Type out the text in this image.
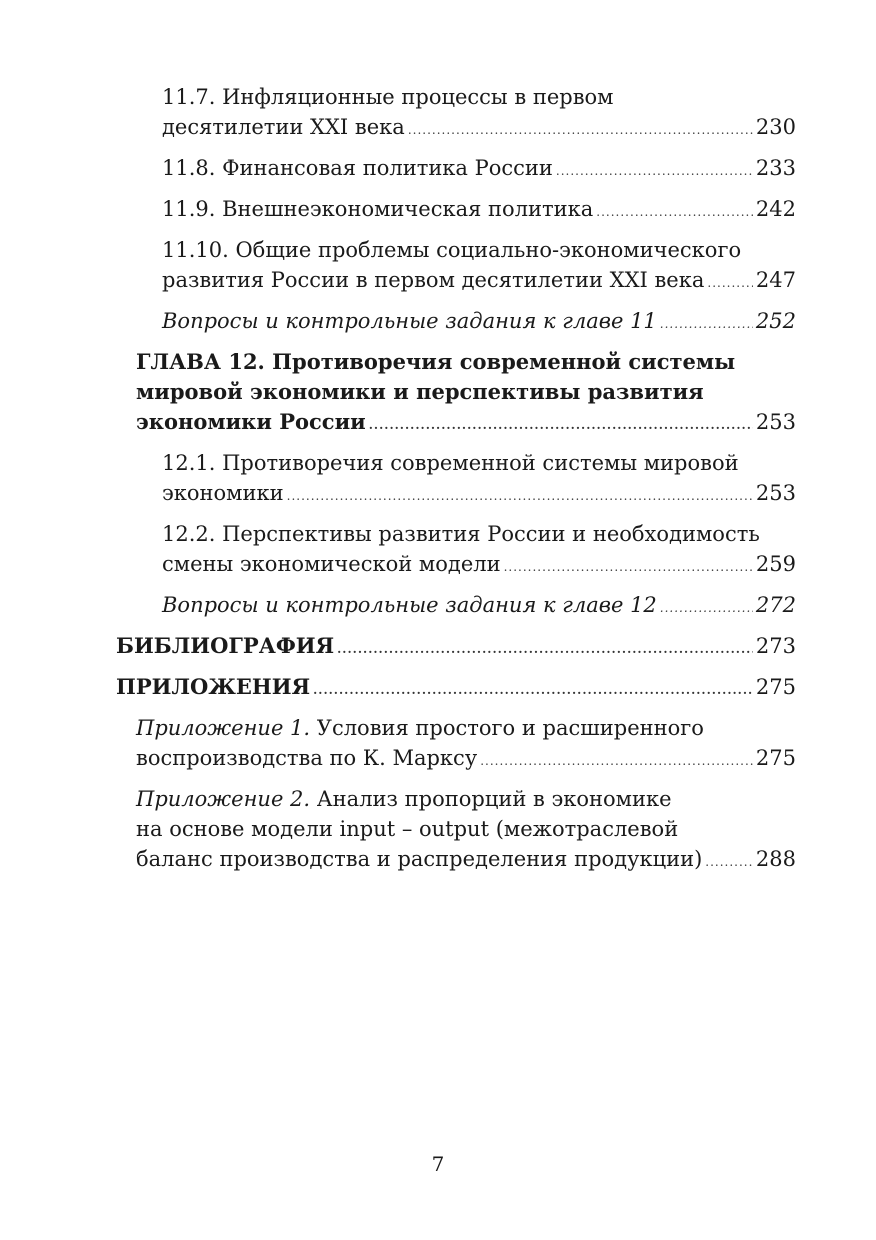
11.7. Инфляционные процессы в первом
десятилетии XXI века .....	230
11.8. Финансовая политика России .....	233
11.9. Внешнеэкономическая политика .....	242
11.10. Общие проблемы социально-экономического
развития России в первом десятилетии XXI века ..... 247
Вопросы и контрольные задания к главе 11 .....	252
ГЛАВА 12. Противоречия современной системы
мировой экономики и перспективы развития
экономики России .....	253
12.1. Противоречия современной системы мировой
экономики .....	253
12.2. Перспективы развития России и необходимость
смены экономической модели .....	259
Вопросы и контрольные задания к главе 12 .....	272
БИБЛИОГРАФИЯ .....	273
ПРИЛОЖЕНИЯ .....	275
Приложение 1. Условия простого и расширенного
воспроизводства по К. Марксу .....	275
Приложение 2. Анализ пропорций в экономике
на основе модели input – output (межотраслевой
баланс производства и распределения продукции) .....	288
7
